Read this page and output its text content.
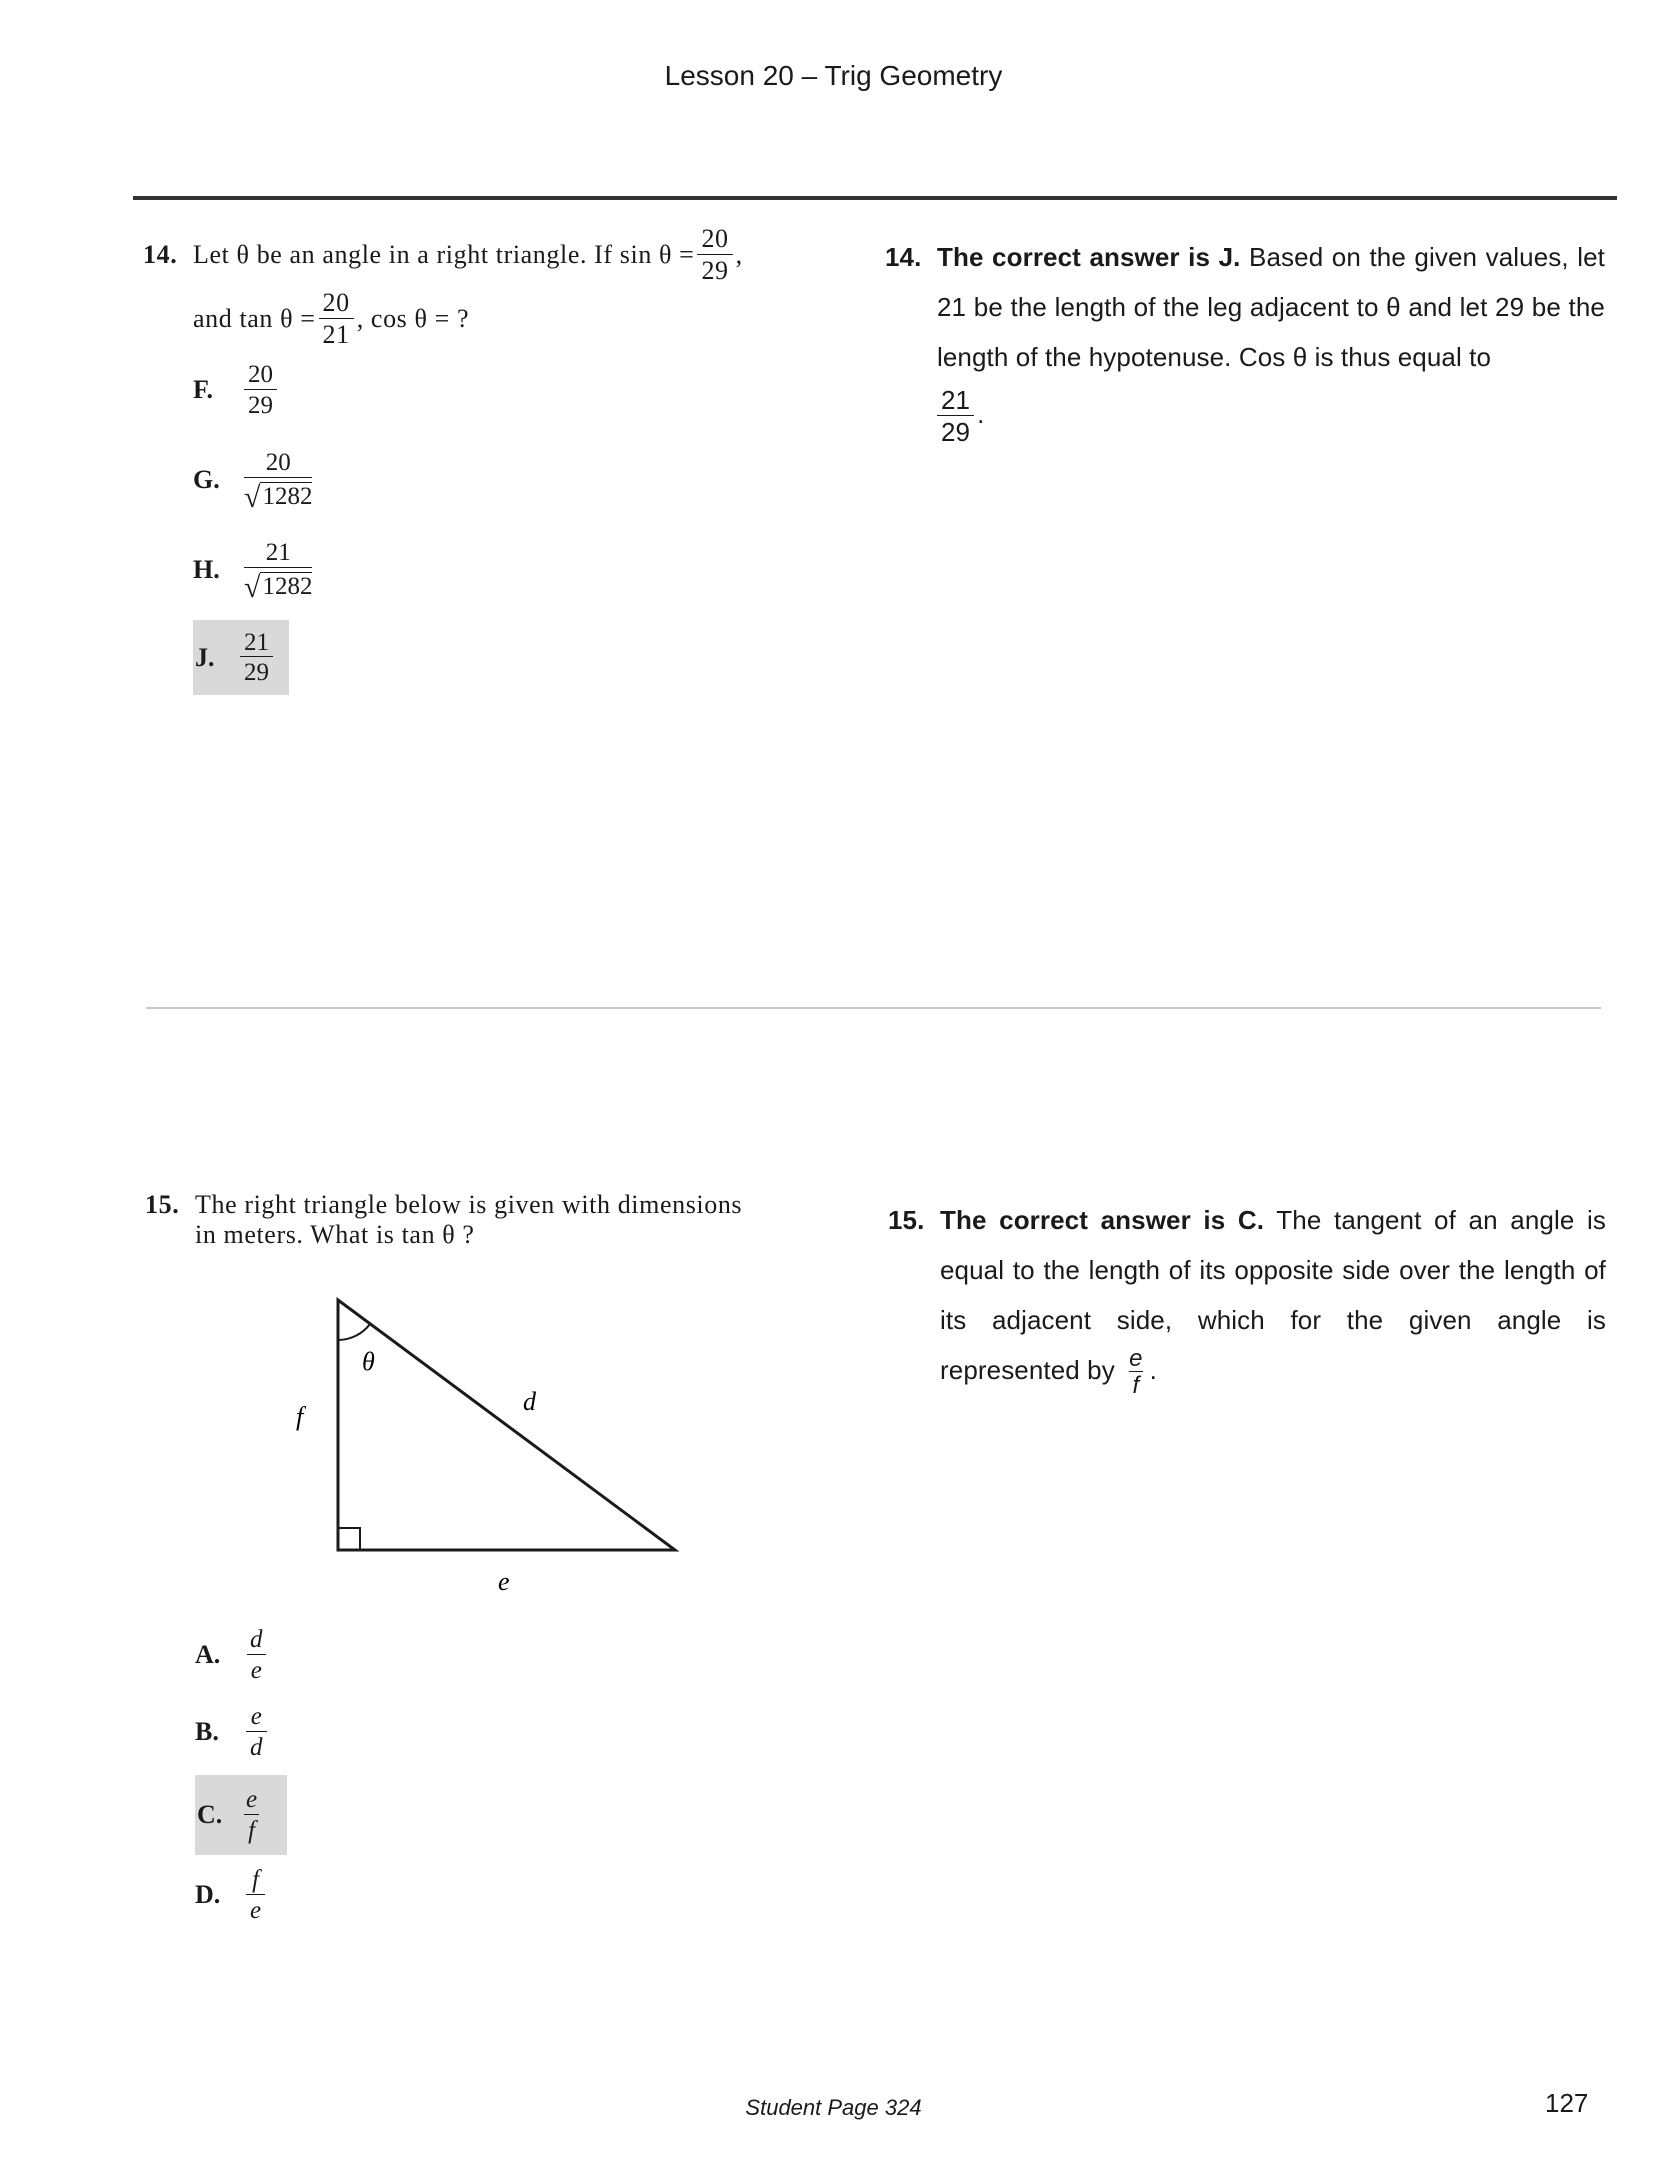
Lesson 20 – Trig Geometry
14. Let θ be an angle in a right triangle. If $\sin \theta = \frac{20}{29}$ ,
and $\tan \theta = \frac{20}{21}$ , cos θ = ?
F.	$\frac{20}{29}$
G. $\frac{20}{√ 1282}$
H. $\frac{21}{√ 1282}$
J.	$\frac{21}{29}$
14. The correct answer is J. Based on the given values, let 21 be the length of the leg adjacent to θ and let 29 be the length of the hypotenuse. Cos θ is thus equal to
$\frac{21}{29}$ .
15. The right triangle below is given with dimensions
in meters. What is tan θ ?
θ
f
d
e
A.	$\frac{d}{e}$
B.	$\frac{e}{d}$
C. $\frac{e}{f}$
D.	$\frac{f}{e}$
15. The correct answer is C. The tangent of an angle is equal to the length of its opposite side over the length of its adjacent side, which for the given angle is represented by $\frac{e}{f}$ .
Student Page 324	127
